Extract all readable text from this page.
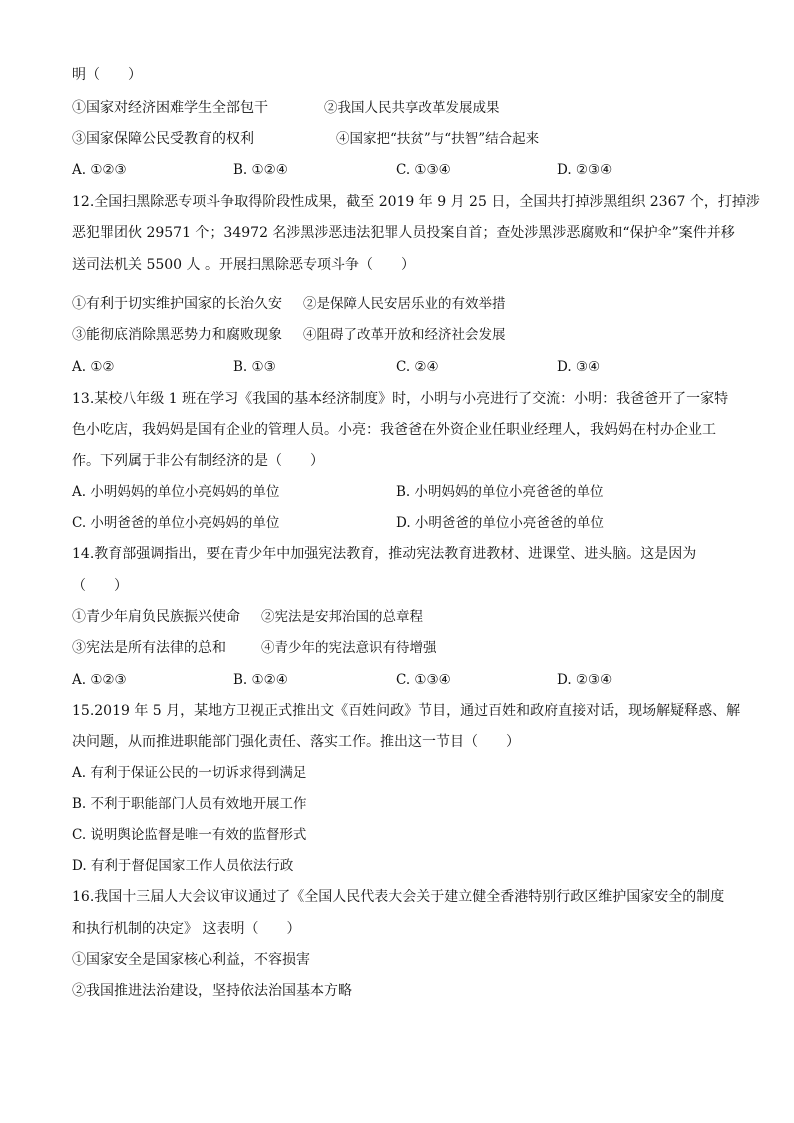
明（　　）
①国家对经济困难学生全部包干	②我国人民共享改革发展成果
③国家保障公民受教育的权利	④国家把“扶贫”与“扶智”结合起来
A. ①②③	B. ①②④	C. ①③④	D. ②③④
12.全国扫黑除恶专项斗争取得阶段性成果，截至 2019 年 9 月 25 日，全国共打掉涉黑组织 2367 个，打掉涉
恶犯罪团伙 29571 个；34972 名涉黑涉恶违法犯罪人员投案自首；查处涉黑涉恶腐败和“保护伞”案件并移
送司法机关 5500 人 。开展扫黑除恶专项斗争（　　）
①有利于切实维护国家的长治久安 ②是保障人民安居乐业的有效举措
③能彻底消除黑恶势力和腐败现象 ④阻碍了改革开放和经济社会发展
A. ①②	B. ①③	C. ②④	D. ③④
13.某校八年级 1 班在学习《我国的基本经济制度》时，小明与小亮进行了交流：小明：我爸爸开了一家特
色小吃店，我妈妈是国有企业的管理人员。小亮：我爸爸在外资企业任职业经理人，我妈妈在村办企业工
作。下列属于非公有制经济的是（　　）
A. 小明妈妈的单位小亮妈妈的单位	B. 小明妈妈的单位小亮爸爸的单位
C. 小明爸爸的单位小亮妈妈的单位	D. 小明爸爸的单位小亮爸爸的单位
14.教育部强调指出，要在青少年中加强宪法教育，推动宪法教育进教材、进课堂、进头脑。这是因为
（　　）
①青少年肩负民族振兴使命 ②宪法是安邦治国的总章程
③宪法是所有法律的总和	④青少年的宪法意识有待增强
A. ①②③	B. ①②④	C. ①③④	D. ②③④
15.2019 年 5 月，某地方卫视正式推出文《百姓问政》节目，通过百姓和政府直接对话，现场解疑释惑、解
决问题，从而推进职能部门强化责任、落实工作。推出这一节目（　　）
A. 有利于保证公民的一切诉求得到满足
B. 不利于职能部门人员有效地开展工作
C. 说明舆论监督是唯一有效的监督形式
D. 有利于督促国家工作人员依法行政
16.我国十三届人大会议审议通过了《全国人民代表大会关于建立健全香港特别行政区维护国家安全的制度
和执行机制的决定》 这表明（　　）
①国家安全是国家核心利益，不容损害
②我国推进法治建设，坚持依法治国基本方略
